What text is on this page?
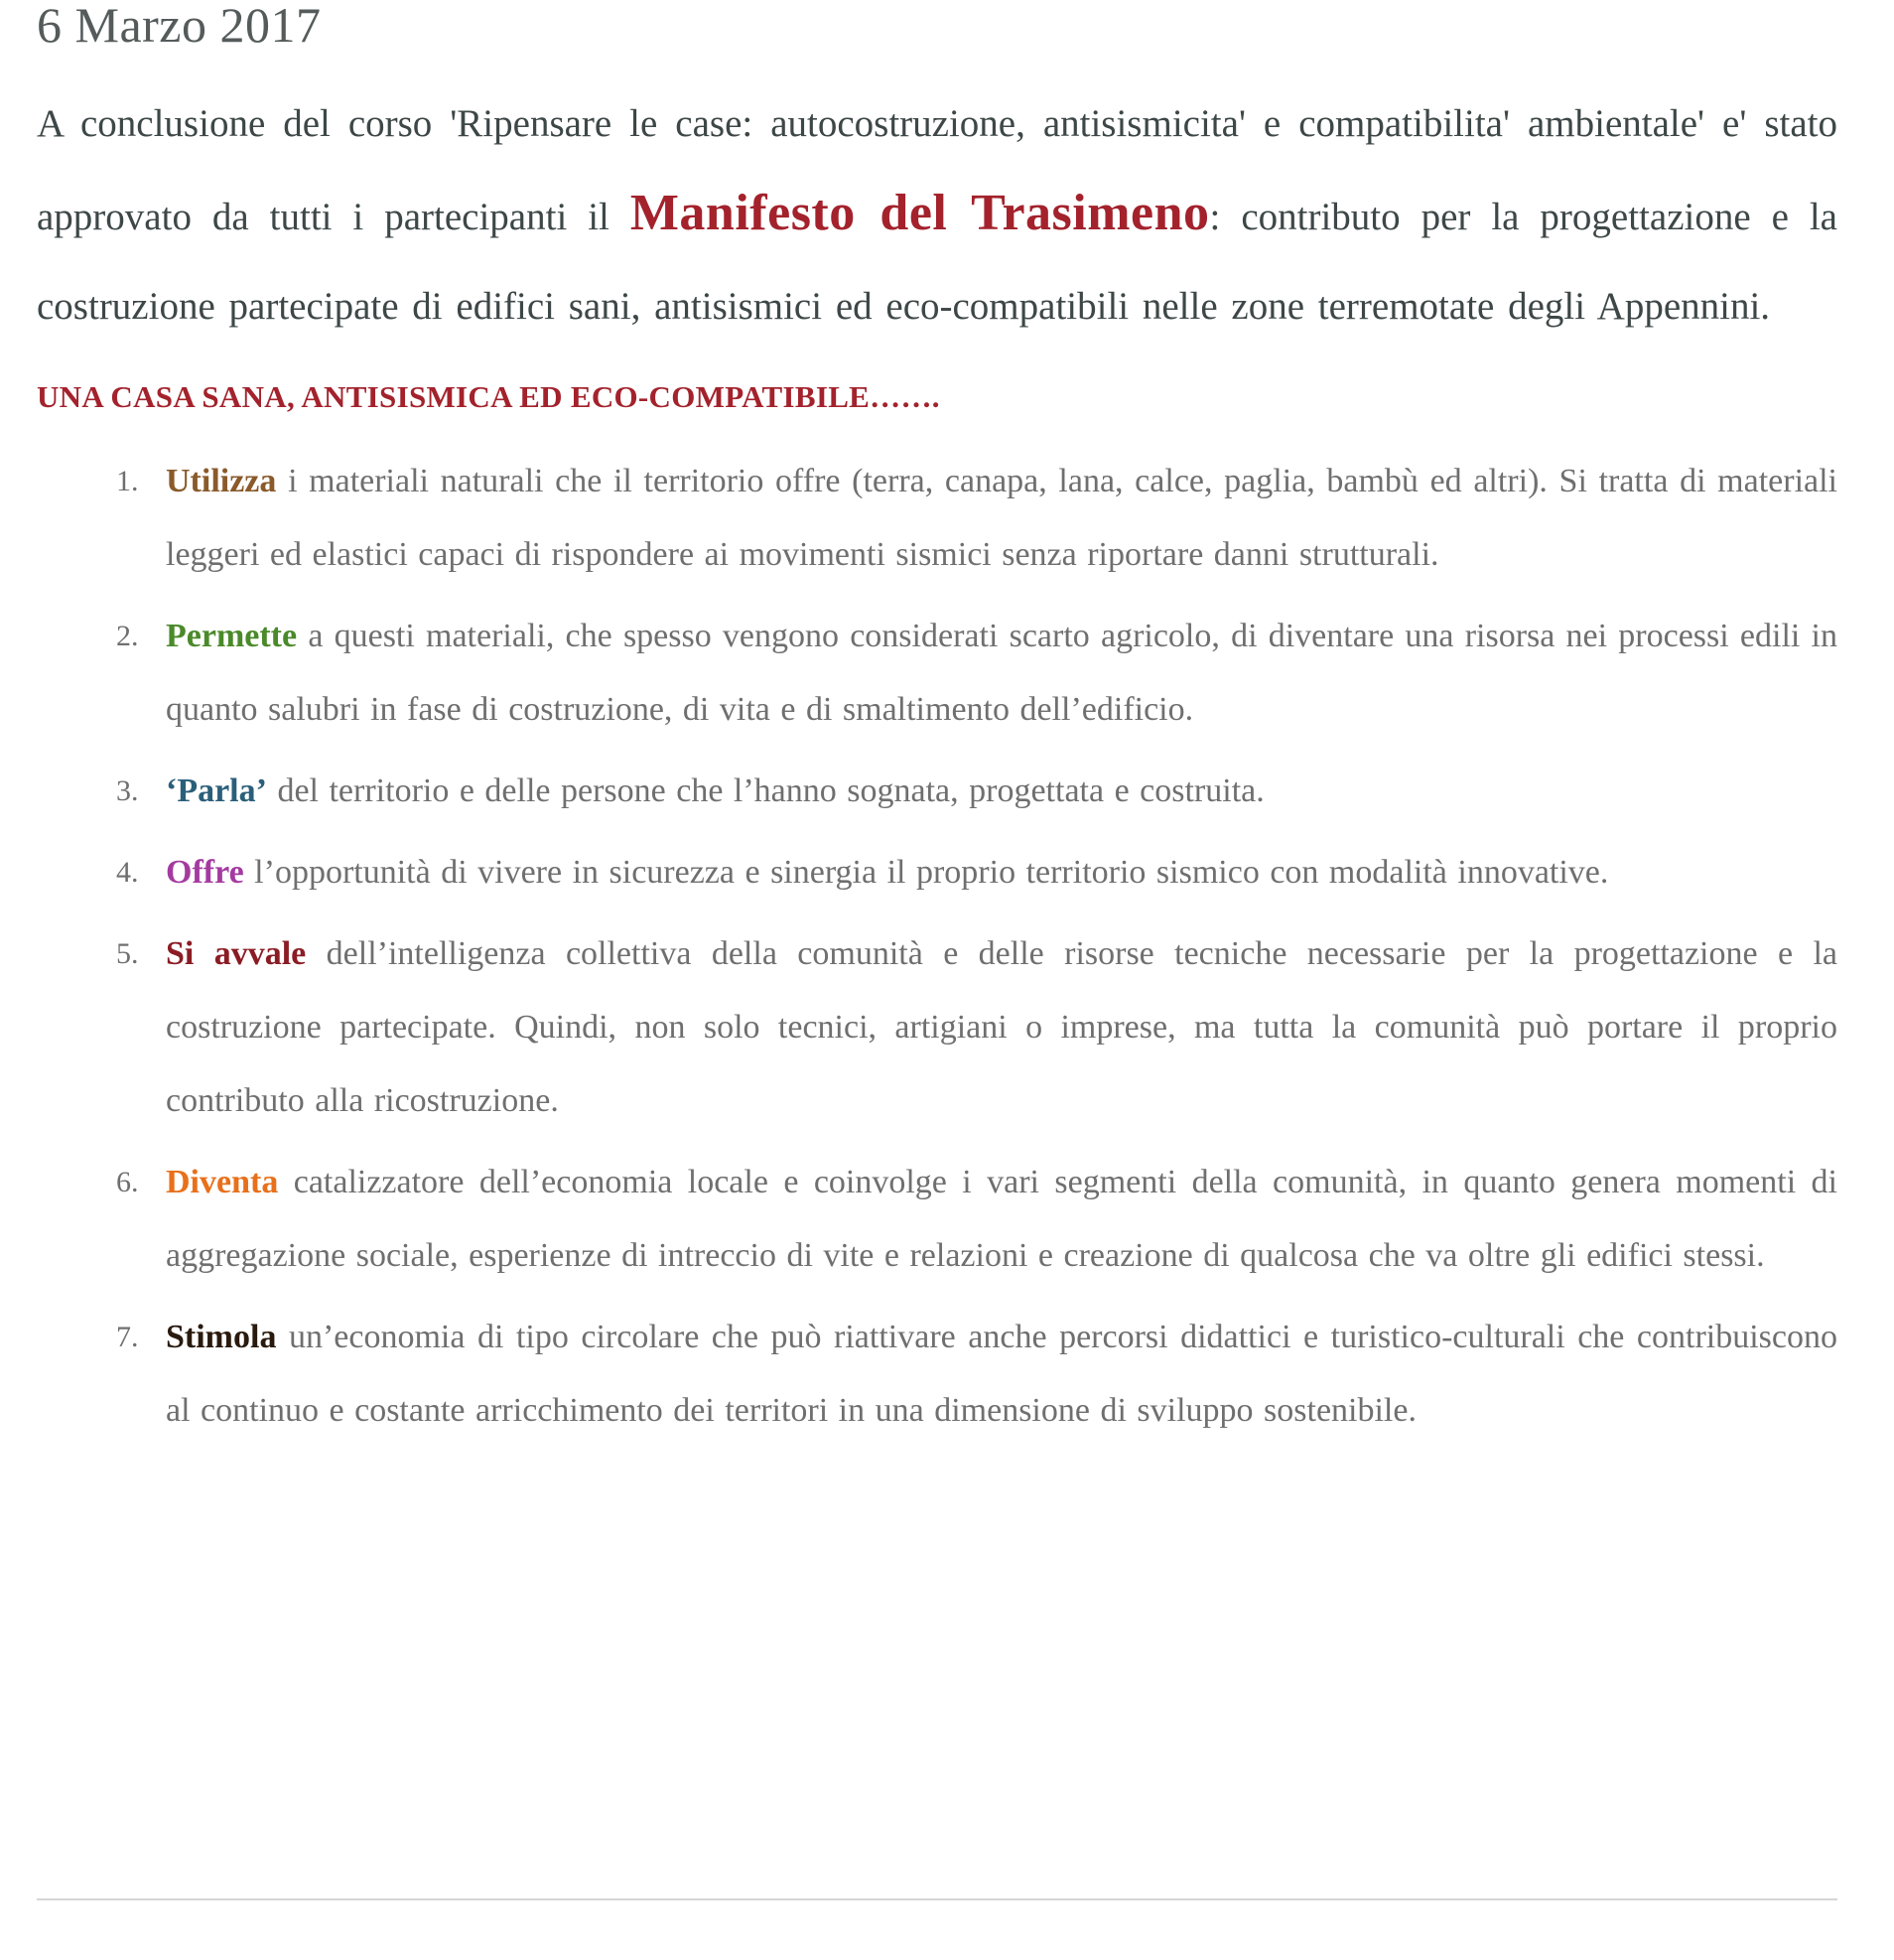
6 Marzo 2017

A conclusione del corso 'Ripensare le case: autocostruzione, antisismicita' e compatibilita' ambientale' e' stato approvato da tutti i partecipanti il Manifesto del Trasimeno: contributo per la progettazione e la costruzione partecipate di edifici sani, antisismici ed eco-compatibili nelle zone terremotate degli Appennini.

UNA CASA SANA, ANTISISMICA ED ECO-COMPATIBILE…….

1. Utilizza i materiali naturali che il territorio offre (terra, canapa, lana, calce, paglia, bambù ed altri). Si tratta di materiali leggeri ed elastici capaci di rispondere ai movimenti sismici senza riportare danni strutturali.
2. Permette a questi materiali, che spesso vengono considerati scarto agricolo, di diventare una risorsa nei processi edili in quanto salubri in fase di costruzione, di vita e di smaltimento dell’edificio.
3. ‘Parla’ del territorio e delle persone che l’hanno sognata, progettata e costruita.
4. Offre l’opportunità di vivere in sicurezza e sinergia il proprio territorio sismico con modalità innovative.
5. Si avvale dell’intelligenza collettiva della comunità e delle risorse tecniche necessarie per la progettazione e la costruzione partecipate. Quindi, non solo tecnici, artigiani o imprese, ma tutta la comunità può portare il proprio contributo alla ricostruzione.
6. Diventa catalizzatore dell’economia locale e coinvolge i vari segmenti della comunità, in quanto genera momenti di aggregazione sociale, esperienze di intreccio di vite e relazioni e creazione di qualcosa che va oltre gli edifici stessi.
7. Stimola un’economia di tipo circolare che può riattivare anche percorsi didattici e turistico-culturali che contribuiscono al continuo e costante arricchimento dei territori in una dimensione di sviluppo sostenibile.
